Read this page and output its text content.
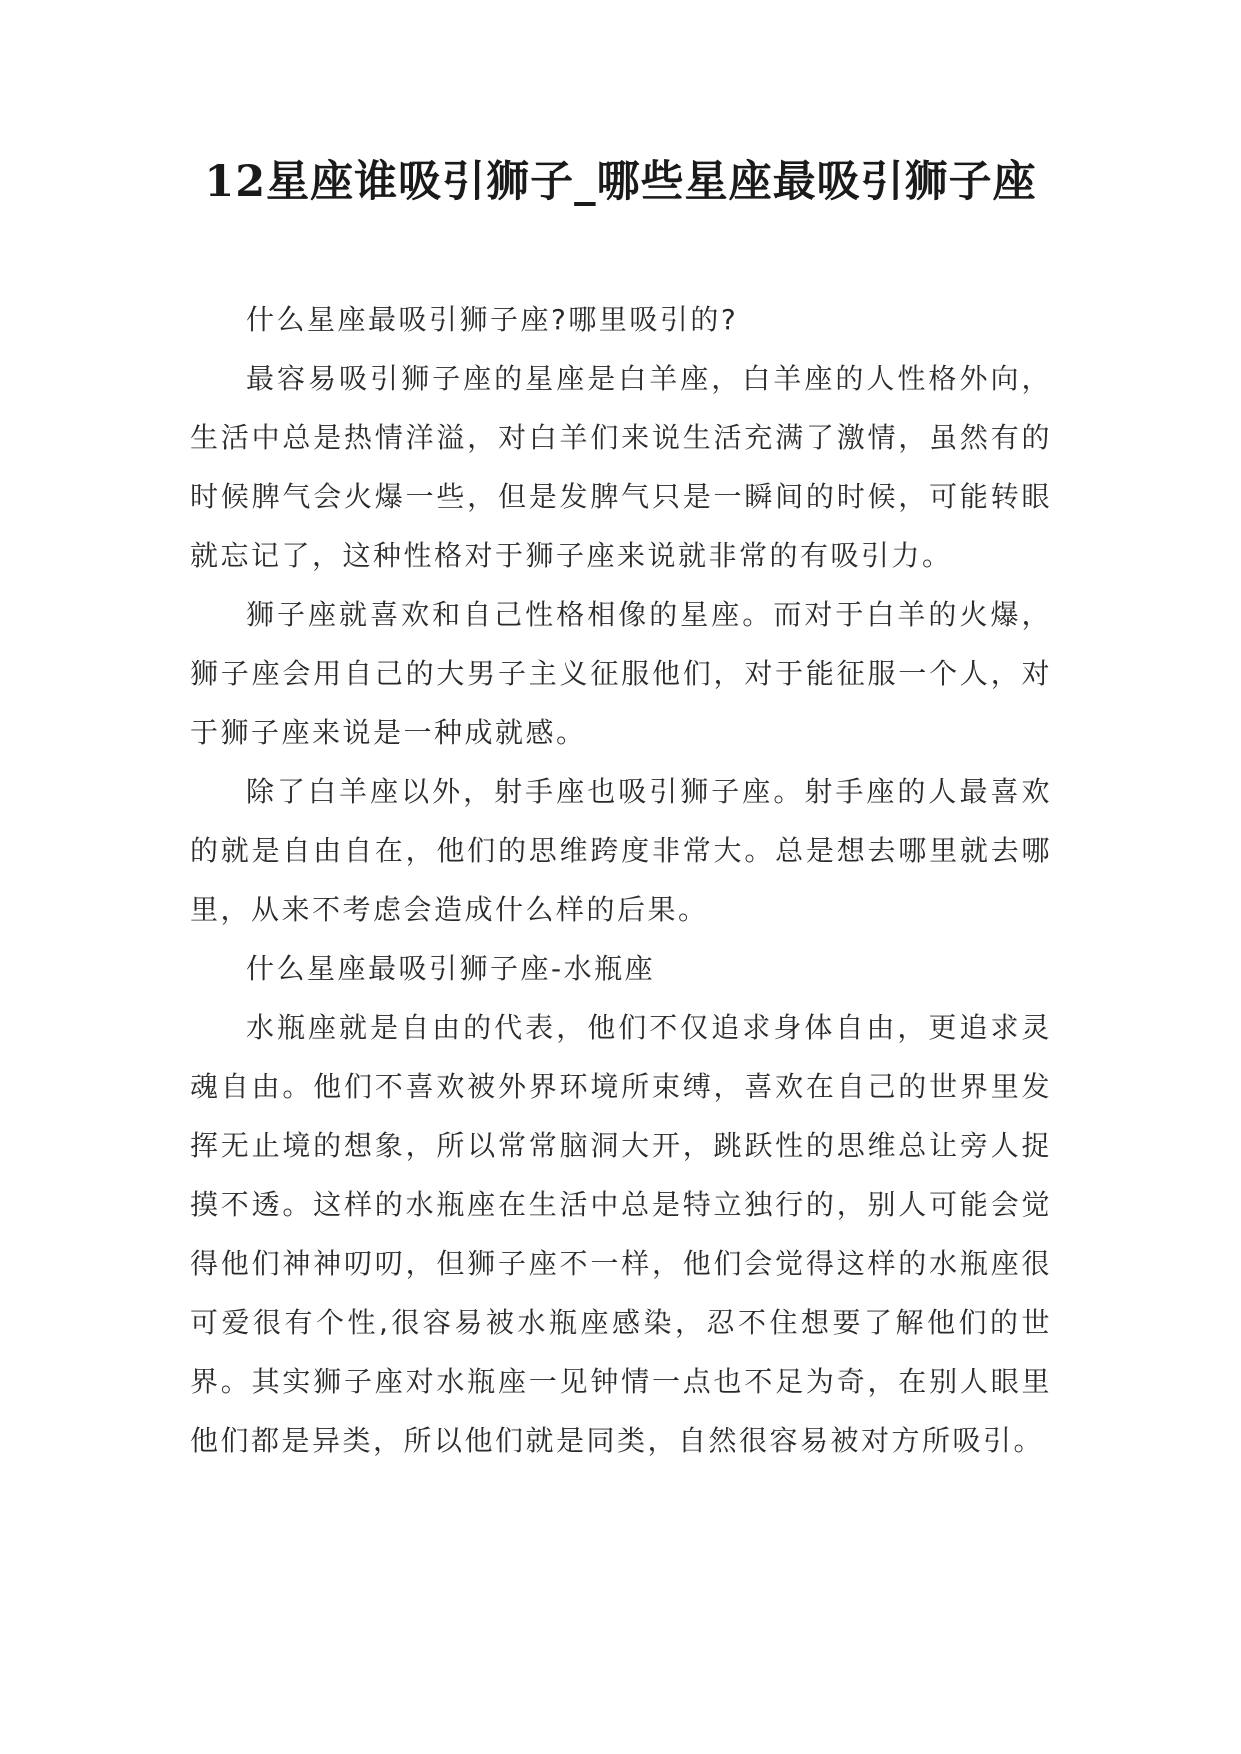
12星座谁吸引狮子_哪些星座最吸引狮子座

什么星座最吸引狮子座?哪里吸引的?

最容易吸引狮子座的星座是白羊座，白羊座的人性格外向，生活中总是热情洋溢，对白羊们来说生活充满了激情，虽然有的时候脾气会火爆一些，但是发脾气只是一瞬间的时候，可能转眼就忘记了，这种性格对于狮子座来说就非常的有吸引力。

狮子座就喜欢和自己性格相像的星座。而对于白羊的火爆，狮子座会用自己的大男子主义征服他们，对于能征服一个人，对于狮子座来说是一种成就感。

除了白羊座以外，射手座也吸引狮子座。射手座的人最喜欢的就是自由自在，他们的思维跨度非常大。总是想去哪里就去哪里，从来不考虑会造成什么样的后果。

什么星座最吸引狮子座-水瓶座

水瓶座就是自由的代表，他们不仅追求身体自由，更追求灵魂自由。他们不喜欢被外界环境所束缚，喜欢在自己的世界里发挥无止境的想象，所以常常脑洞大开，跳跃性的思维总让旁人捉摸不透。这样的水瓶座在生活中总是特立独行的，别人可能会觉得他们神神叨叨，但狮子座不一样，他们会觉得这样的水瓶座很可爱很有个性,很容易被水瓶座感染，忍不住想要了解他们的世界。其实狮子座对水瓶座一见钟情一点也不足为奇，在别人眼里他们都是异类，所以他们就是同类，自然很容易被对方所吸引。
